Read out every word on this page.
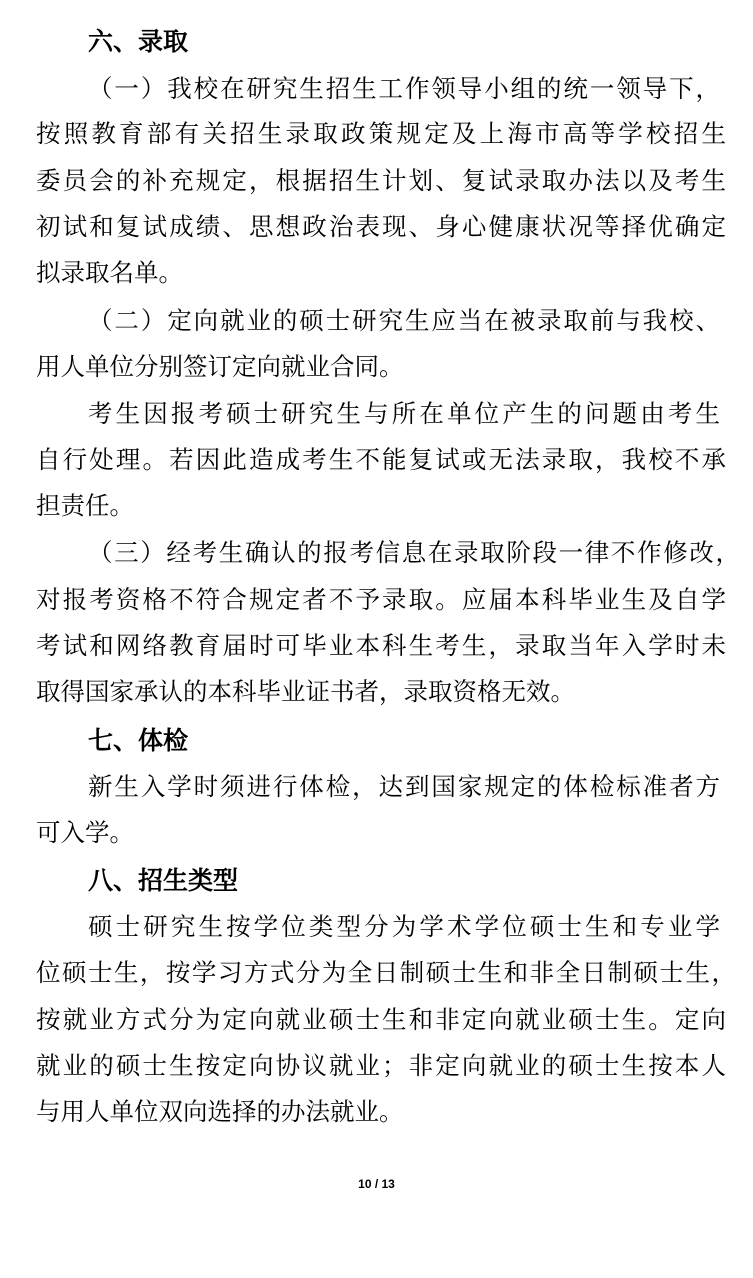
六、录取
（一）我校在研究生招生工作领导小组的统一领导下，
按照教育部有关招生录取政策规定及上海市高等学校招生
委员会的补充规定，根据招生计划、复试录取办法以及考生
初试和复试成绩、思想政治表现、身心健康状况等择优确定
拟录取名单。
（二）定向就业的硕士研究生应当在被录取前与我校、
用人单位分别签订定向就业合同。
考生因报考硕士研究生与所在单位产生的问题由考生
自行处理。若因此造成考生不能复试或无法录取，我校不承
担责任。
（三）经考生确认的报考信息在录取阶段一律不作修改，
对报考资格不符合规定者不予录取。应届本科毕业生及自学
考试和网络教育届时可毕业本科生考生，录取当年入学时未
取得国家承认的本科毕业证书者，录取资格无效。
七、体检
新生入学时须进行体检，达到国家规定的体检标准者方
可入学。
八、招生类型
硕士研究生按学位类型分为学术学位硕士生和专业学
位硕士生，按学习方式分为全日制硕士生和非全日制硕士生，
按就业方式分为定向就业硕士生和非定向就业硕士生。定向
就业的硕士生按定向协议就业；非定向就业的硕士生按本人
与用人单位双向选择的办法就业。
10 / 13
